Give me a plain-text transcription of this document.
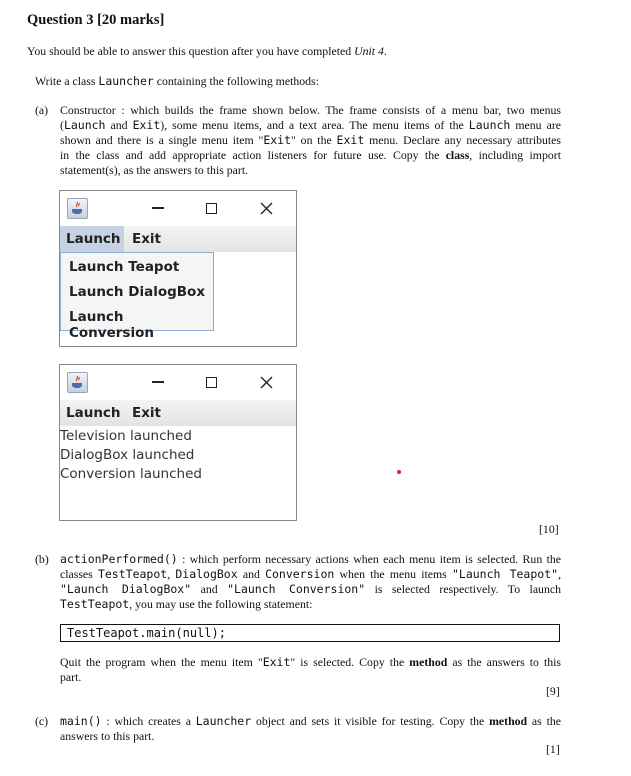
Question 3 [20 marks]
You should be able to answer this question after you have completed Unit 4.
Write a class Launcher containing the following methods:
(a) Constructor : which builds the frame shown below. The frame consists of a menu bar, two menus
(Launch and Exit), some menu items, and a text area. The menu items of the Launch menu are
shown and there is a single menu item "Exit" on the Exit menu. Declare any necessary attributes
in the class and add appropriate action listeners for future use. Copy the class, including import
statement(s), as the answers to this part.
Launch Exit
Launch Teapot
Launch DialogBox
Launch Conversion
Launch Exit
Television launched
DialogBox launched
Conversion launched
[10]
(b) actionPerformed() : which perform necessary actions when each menu item is selected. Run the
classes TestTeapot, DialogBox and Conversion when the menu items "Launch Teapot",
"Launch DialogBox" and "Launch Conversion" is selected respectively. To launch
TestTeapot, you may use the following statement:
TestTeapot.main(null);
Quit the program when the menu item "Exit" is selected. Copy the method as the answers to this
part.
[9]
(c) main() : which creates a Launcher object and sets it visible for testing. Copy the method as the
answers to this part.
[1]
